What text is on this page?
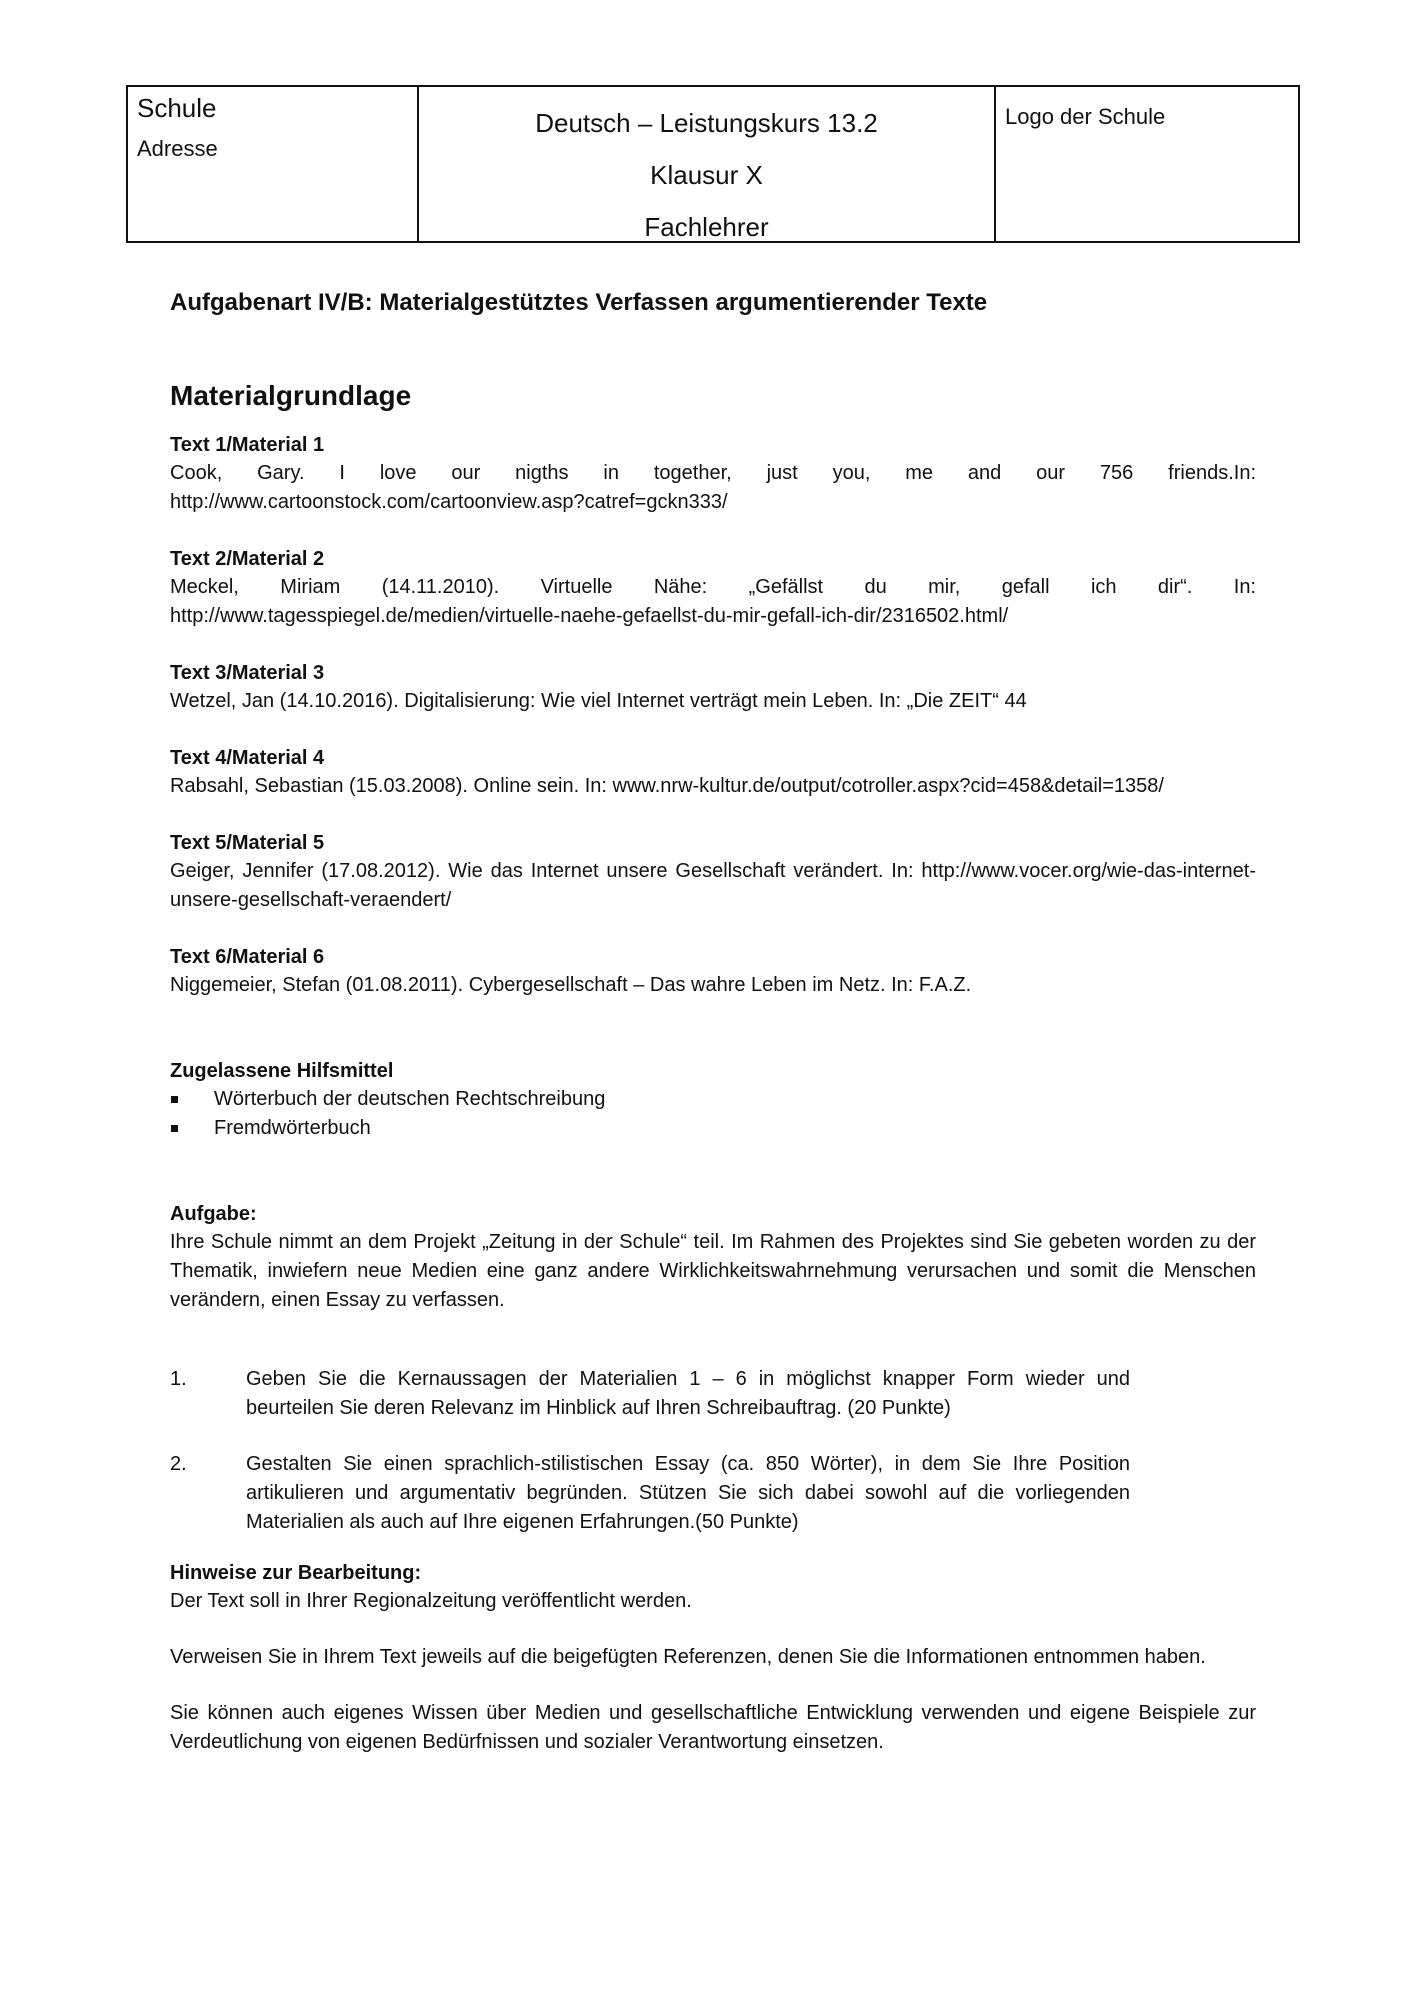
Schule
Adresse
Deutsch – Leistungskurs 13.2
Klausur X
Fachlehrer
Logo der Schule
Aufgabenart IV/B: Materialgestütztes Verfassen argumentierender Texte
Materialgrundlage
Text 1/Material 1
Cook, Gary. I love our nigths in together, just you, me and our 756 friends.In: http://www.cartoonstock.com/cartoonview.asp?catref=gckn333/
Text 2/Material 2
Meckel, Miriam (14.11.2010). Virtuelle Nähe: „Gefällst du mir, gefall ich dir“. In: http://www.tagesspiegel.de/medien/virtuelle-naehe-gefaellst-du-mir-gefall-ich-dir/2316502.html/
Text 3/Material 3
Wetzel, Jan (14.10.2016). Digitalisierung: Wie viel Internet verträgt mein Leben. In: „Die ZEIT“ 44
Text 4/Material 4
Rabsahl, Sebastian (15.03.2008). Online sein. In: www.nrw-kultur.de/output/cotroller.aspx?cid=458&detail=1358/
Text 5/Material 5
Geiger, Jennifer (17.08.2012). Wie das Internet unsere Gesellschaft verändert. In: http://www.vocer.org/wie-das-internet-unsere-gesellschaft-veraendert/
Text 6/Material 6
Niggemeier, Stefan (01.08.2011). Cybergesellschaft – Das wahre Leben im Netz. In: F.A.Z.
Zugelassene Hilfsmittel
Wörterbuch der deutschen Rechtschreibung
Fremdwörterbuch
Aufgabe:
Ihre Schule nimmt an dem Projekt „Zeitung in der Schule“ teil. Im Rahmen des Projektes sind Sie gebeten worden zu der Thematik, inwiefern neue Medien eine ganz andere Wirklichkeitswahrnehmung verursachen und somit die Menschen verändern, einen Essay zu verfassen.
1.	Geben Sie die Kernaussagen der Materialien 1 – 6 in möglichst knapper Form wieder und beurteilen Sie deren Relevanz im Hinblick auf Ihren Schreibauftrag. (20 Punkte)
2.	Gestalten Sie einen sprachlich-stilistischen Essay (ca. 850 Wörter), in dem Sie Ihre Position artikulieren und argumentativ begründen. Stützen Sie sich dabei sowohl auf die vorliegenden Materialien als auch auf Ihre eigenen Erfahrungen.(50 Punkte)
Hinweise zur Bearbeitung:
Der Text soll in Ihrer Regionalzeitung veröffentlicht werden.
Verweisen Sie in Ihrem Text jeweils auf die beigefügten Referenzen, denen Sie die Informationen entnommen haben.
Sie können auch eigenes Wissen über Medien und gesellschaftliche Entwicklung verwenden und eigene Beispiele zur Verdeutlichung von eigenen Bedürfnissen und sozialer Verantwortung einsetzen.
